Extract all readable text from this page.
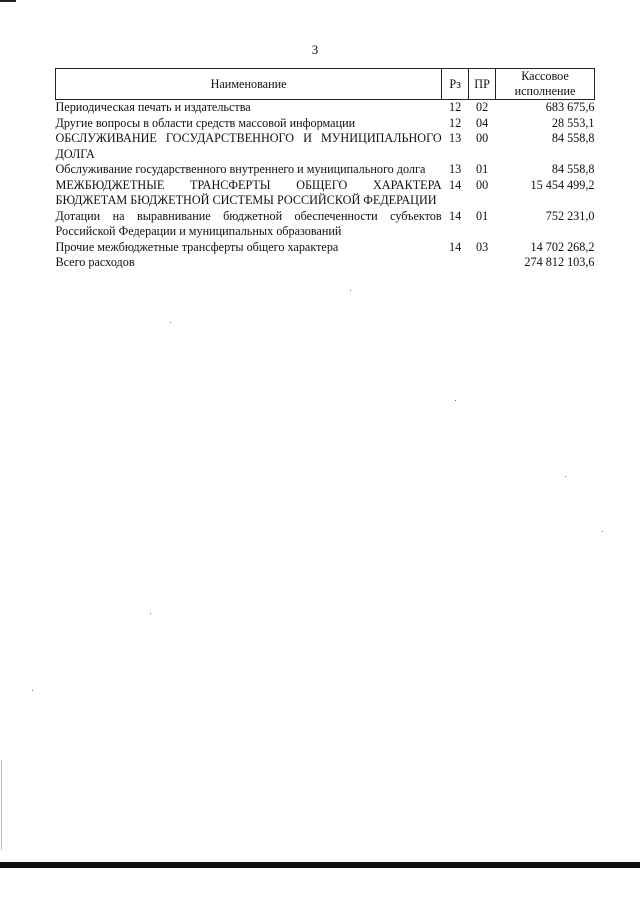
3
Наименование	Рз	ПР	Кассовое
исполнение
Периодическая печать и издательства	12	02	683 675,6
Другие вопросы в области средств массовой информации	12	04	28 553,1
ОБСЛУЖИВАНИЕ ГОСУДАРСТВЕННОГО И МУНИЦИПАЛЬНОГО ДОЛГА	13	00	84 558,8
Обслуживание государственного внутреннего и муниципального долга	13	01	84 558,8
МЕЖБЮДЖЕТНЫЕ ТРАНСФЕРТЫ ОБЩЕГО ХАРАКТЕРА БЮДЖЕТАМ БЮДЖЕТНОЙ СИСТЕМЫ РОССИЙСКОЙ ФЕДЕРАЦИИ	14	00	15 454 499,2
Дотации на выравнивание бюджетной обеспеченности субъектов Российской Федерации и муниципальных образований	14	01	752 231,0
Прочие межбюджетные трансферты общего характера	14	03	14 702 268,2
Всего расходов			274 812 103,6
